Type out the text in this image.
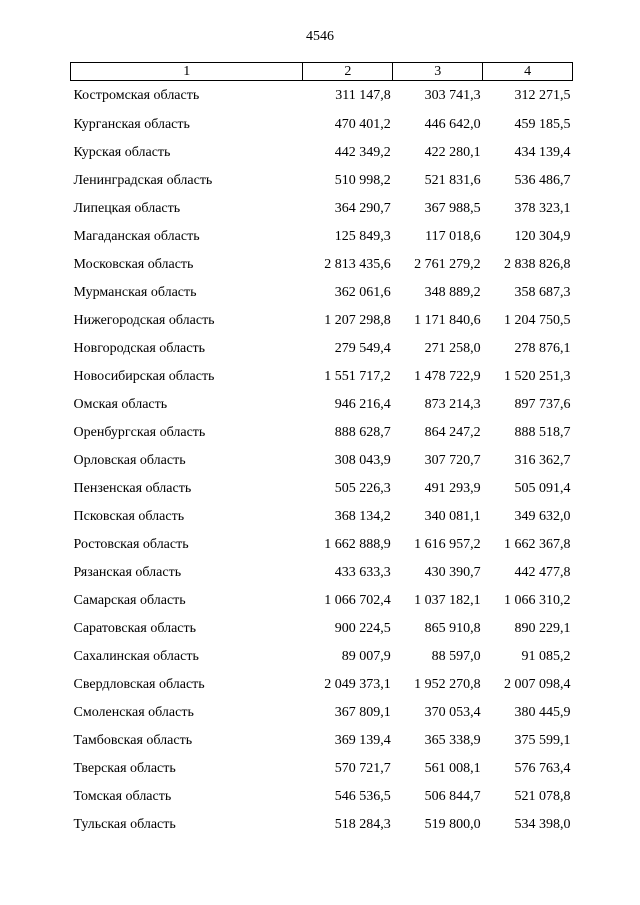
4546
1	2	3	4
Костромская область	311 147,8	303 741,3	312 271,5
Курганская область	470 401,2	446 642,0	459 185,5
Курская область	442 349,2	422 280,1	434 139,4
Ленинградская область	510 998,2	521 831,6	536 486,7
Липецкая область	364 290,7	367 988,5	378 323,1
Магаданская область	125 849,3	117 018,6	120 304,9
Московская область	2 813 435,6	2 761 279,2	2 838 826,8
Мурманская область	362 061,6	348 889,2	358 687,3
Нижегородская область	1 207 298,8	1 171 840,6	1 204 750,5
Новгородская область	279 549,4	271 258,0	278 876,1
Новосибирская область	1 551 717,2	1 478 722,9	1 520 251,3
Омская область	946 216,4	873 214,3	897 737,6
Оренбургская область	888 628,7	864 247,2	888 518,7
Орловская область	308 043,9	307 720,7	316 362,7
Пензенская область	505 226,3	491 293,9	505 091,4
Псковская область	368 134,2	340 081,1	349 632,0
Ростовская область	1 662 888,9	1 616 957,2	1 662 367,8
Рязанская область	433 633,3	430 390,7	442 477,8
Самарская область	1 066 702,4	1 037 182,1	1 066 310,2
Саратовская область	900 224,5	865 910,8	890 229,1
Сахалинская область	89 007,9	88 597,0	91 085,2
Свердловская область	2 049 373,1	1 952 270,8	2 007 098,4
Смоленская область	367 809,1	370 053,4	380 445,9
Тамбовская область	369 139,4	365 338,9	375 599,1
Тверская область	570 721,7	561 008,1	576 763,4
Томская область	546 536,5	506 844,7	521 078,8
Тульская область	518 284,3	519 800,0	534 398,0
